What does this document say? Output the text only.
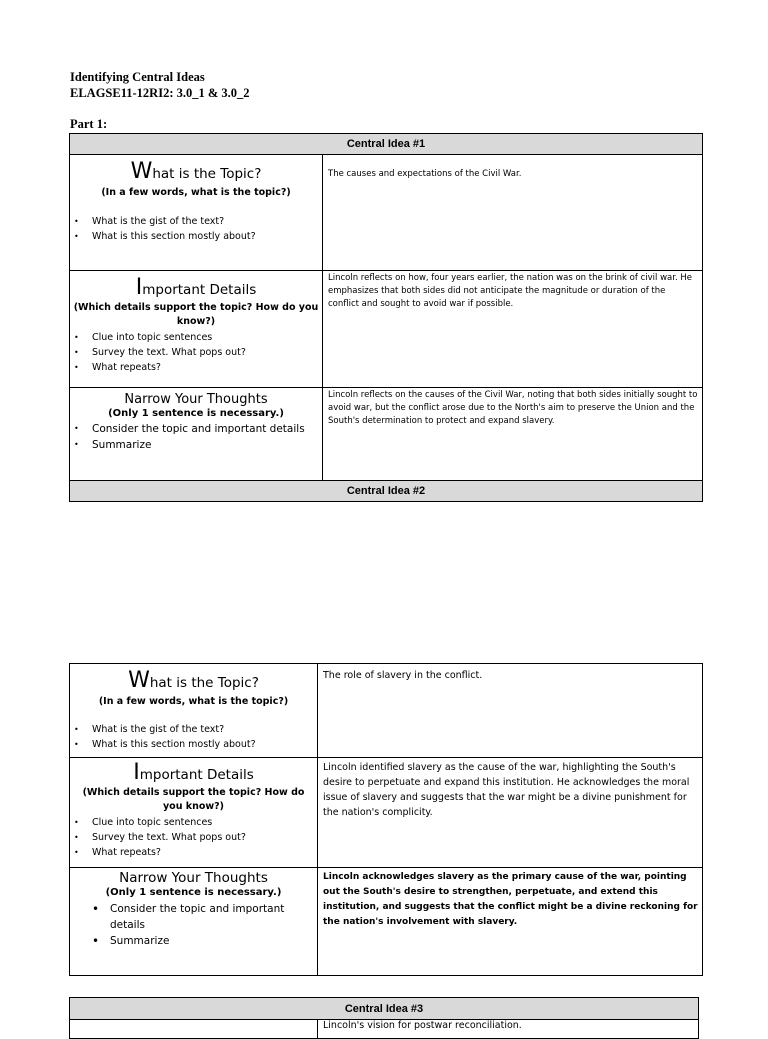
Identifying Central Ideas
ELAGSE11-12RI2: 3.0_1 & 3.0_2
Part 1:
Central Idea #1
What is the Topic?
(In a few words, what is the topic?)
• What is the gist of the text?
• What is this section mostly about?
The causes and expectations of the Civil War.
Important Details
(Which details support the topic? How do you know?)
• Clue into topic sentences
• Survey the text. What pops out?
• What repeats?
Lincoln reflects on how, four years earlier, the nation was on the brink of civil war. He emphasizes that both sides did not anticipate the magnitude or duration of the conflict and sought to avoid war if possible.
Narrow Your Thoughts
(Only 1 sentence is necessary.)
• Consider the topic and important details
• Summarize
Lincoln reflects on the causes of the Civil War, noting that both sides initially sought to avoid war, but the conflict arose due to the North's aim to preserve the Union and the South's determination to protect and expand slavery.
Central Idea #2
What is the Topic?
(In a few words, what is the topic?)
• What is the gist of the text?
• What is this section mostly about?
The role of slavery in the conflict.
Important Details
(Which details support the topic? How do you know?)
• Clue into topic sentences
• Survey the text. What pops out?
• What repeats?
Lincoln identified slavery as the cause of the war, highlighting the South's desire to perpetuate and expand this institution. He acknowledges the moral issue of slavery and suggests that the war might be a divine punishment for the nation's complicity.
Narrow Your Thoughts
(Only 1 sentence is necessary.)
• Consider the topic and important details
• Summarize
Lincoln acknowledges slavery as the primary cause of the war, pointing out the South's desire to strengthen, perpetuate, and extend this institution, and suggests that the conflict might be a divine reckoning for the nation's involvement with slavery.
Central Idea #3
Lincoln's vision for postwar reconciliation.
